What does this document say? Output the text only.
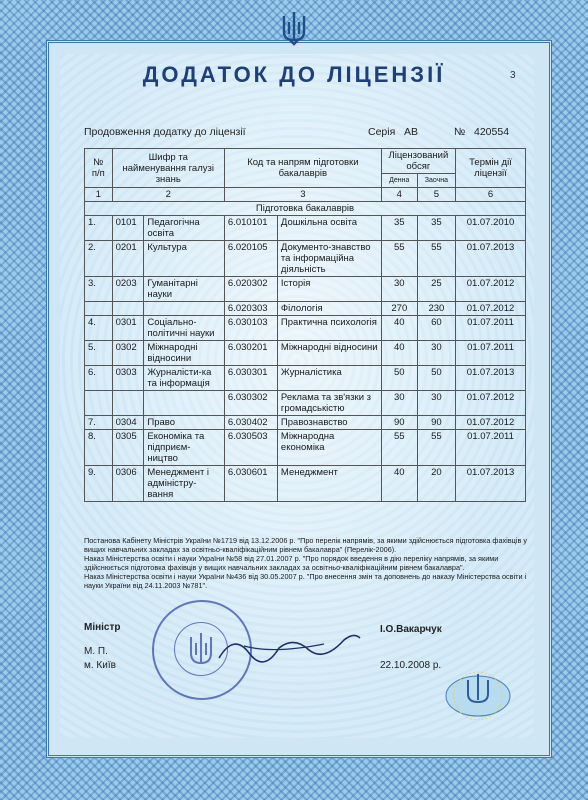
ДОДАТОК ДО ЛІЦЕНЗІЇ	3
Продовження додатку до ліцензії	Серія АВ	№ 420554
№ п/п	Шифр та найменування галузі знань		Код та напрям підготовки бакалаврів		Ліцензований обсяг		Термін дії ліцензії
					Денна	Заочна	
1	2		3		4	5	6
Підготовка бакалаврів							
1.	0101	Педагогічна освіта	6.010101	Дошкільна освіта	35	35	01.07.2010
2.	0201	Культура	6.020105	Документо-знавство та інформаційна діяльність	55	55	01.07.2013
3.	0203	Гуманітарні науки	6.020302	Історія	30	25	01.07.2012
			6.020303	Філологія	270	230	01.07.2012
4.	0301	Соціально-політичні науки	6.030103	Практична психологія	40	60	01.07.2011
5.	0302	Міжнародні відносини	6.030201	Міжнародні відносини	40	30	01.07.2011
6.	0303	Журналісти-ка та інформація	6.030301	Журналістика	50	50	01.07.2013
			6.030302	Реклама та зв'язки з громадськістю	30	30	01.07.2012
7.	0304	Право	6.030402	Правознавство	90	90	01.07.2012
8.	0305	Економіка та підприєм-ництво	6.030503	Міжнародна економіка	55	55	01.07.2011
9.	0306	Менеджмент і адміністру-вання	6.030601	Менеджмент	40	20	01.07.2013

Постанова Кабінету Міністрів України №1719 від 13.12.2006 р. "Про перелік напрямів, за якими здійснюється підготовка фахівців у вищих навчальних закладах за освітньо-кваліфікаційним рівнем бакалавра" (Перелік-2006).

Наказ Міністерства освіти і науки України №58 від 27.01.2007 р. "Про порядок введення в дію переліку напрямів, за якими здійснюється підготовка фахівців у вищих навчальних закладах за освітньо-кваліфікаційним рівнем бакалавра".

Наказ Міністерства освіти і науки України №436 від 30.05.2007 р. "Про внесення змін та доповнень до наказу Міністерства освіти і науки України від 24.11.2003 №781".

Міністр	І.О.Вакарчук
М. П.
м. Київ	22.10.2008 р.
